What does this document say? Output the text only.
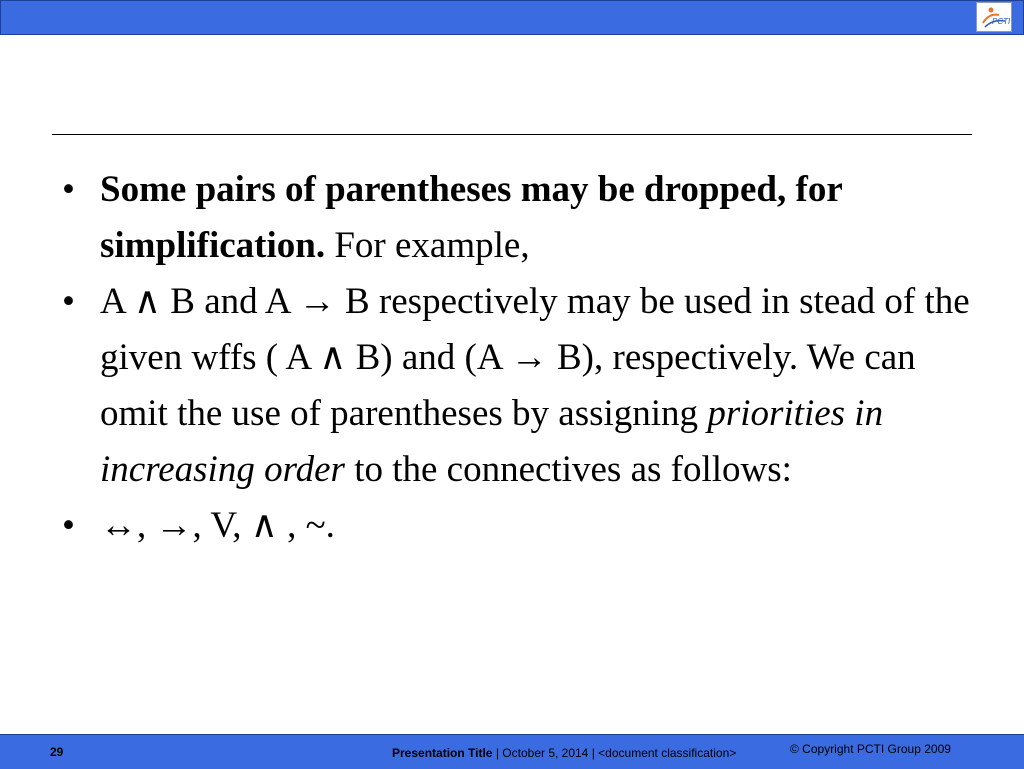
PCTI
• Some pairs of parentheses may be dropped, for simplification. For example,
• A ∧ B and A → B respectively may be used in stead of the given wffs ( A ∧ B) and (A → B), respectively. We can omit the use of parentheses by assigning priorities in increasing order to the connectives as follows:
• ↔, →, V, ∧ , ~.
29	Presentation Title | October 5, 2014 | <document classification>	© Copyright PCTI Group 2009
